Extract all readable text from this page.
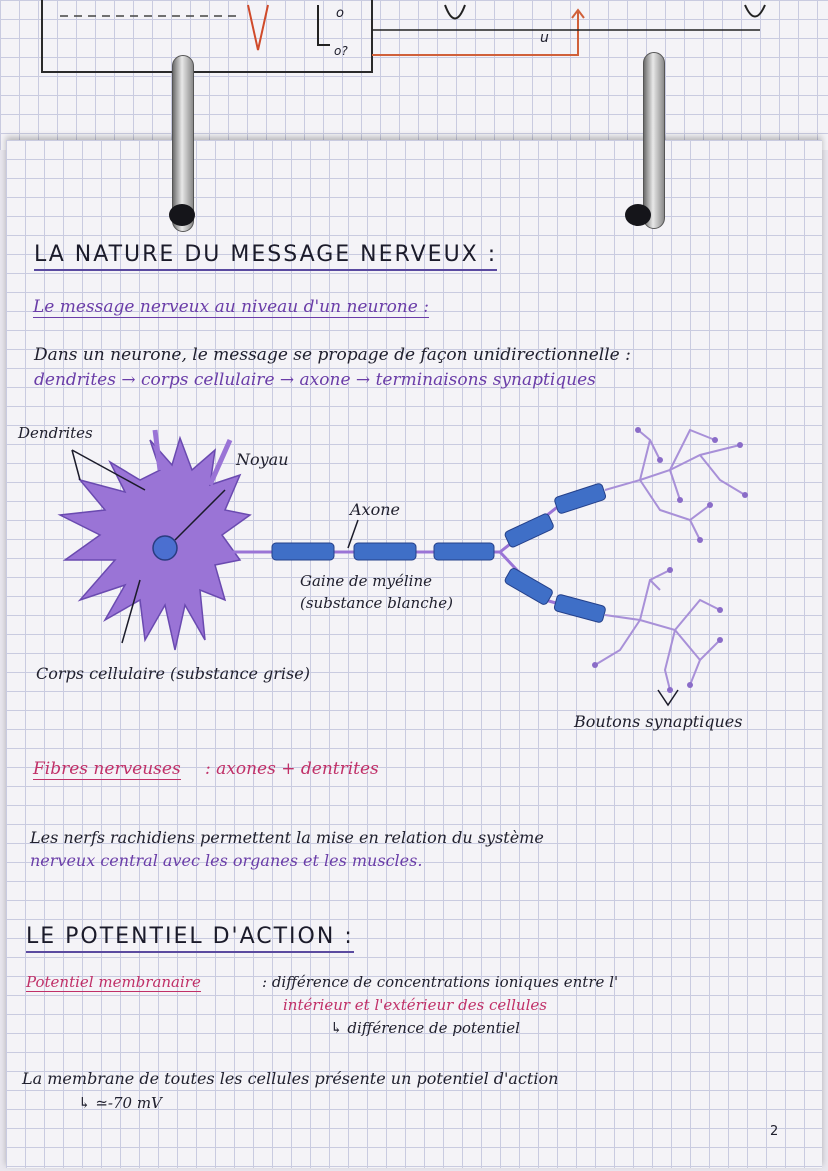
o
o?
u
LA NATURE DU MESSAGE NERVEUX :
Le message nerveux au niveau d'un neurone :
Dans un neurone, le message se propage de façon unidirectionnelle :
dendrites → corps cellulaire → axone → terminaisons synaptiques
Dendrites
Noyau
Axone
Gaine de myéline
(substance blanche)
Corps cellulaire (substance grise)
Boutons synaptiques
Fibres nerveuses : axones + dentrites
Les nerfs rachidiens permettent la mise en relation du système
nerveux central avec les organes et les muscles.
LE POTENTIEL D'ACTION :
Potentiel membranaire	: différence de concentrations ioniques entre l'
intérieur et l'extérieur des cellules
↳ différence de potentiel
La membrane de toutes les cellules présente un potentiel d'action
↳ ≃-70 mV
2
